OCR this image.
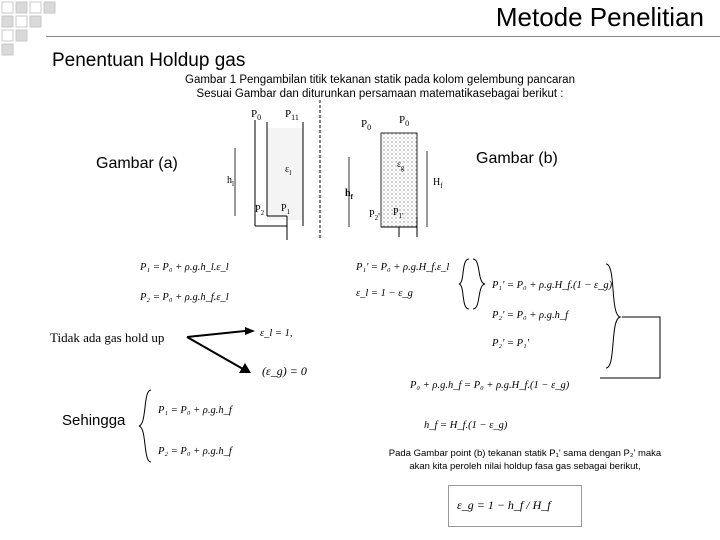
Metode Penelitian
Penentuan Holdup gas
Gambar 1 Pengambilan titik tekanan statik pada kolom gelembung pancaran
Sesuai Gambar dan diturunkan persamaan matematikasebagai berikut :
Gambar (a)	Gambar (b)
$P_0$ $P_{11}$
$\varepsilon_l$
$h_l$
$P_2$ $P_1$
$P_0$
$P_0$
$\varepsilon_g$
$h_f$
$H_f$
$P_2'$ $P_{1'}$
P₁ = P₀ + ρ.g.h_l.ε_l
P₂ = P₀ + ρ.g.h_f.ε_l
P₁' = P₀ + ρ.g.H_f.ε_l
ε_l = 1 − ε_g
P₁' = P₀ + ρ.g.H_f.(1 − ε_g)
P₂' = P₀ + ρ.g.h_f
P₂' = P₁'
Tidak ada gas hold up	ε_l = 1,
(ε_g) = 0
P₀ + ρ.g.h_f = P₀ + ρ.g.H_f.(1 − ε_g)
h_f = H_f.(1 − ε_g)
Sehingga
P₁ = P₀ + ρ.g.h_f
P₂ = P₀ + ρ.g.h_f	Pada Gambar point (b) tekanan statik P₁' sama dengan P₂' maka
akan kita peroleh nilai holdup fasa gas sebagai berikut,
ε_g = 1 − h_f / H_f
